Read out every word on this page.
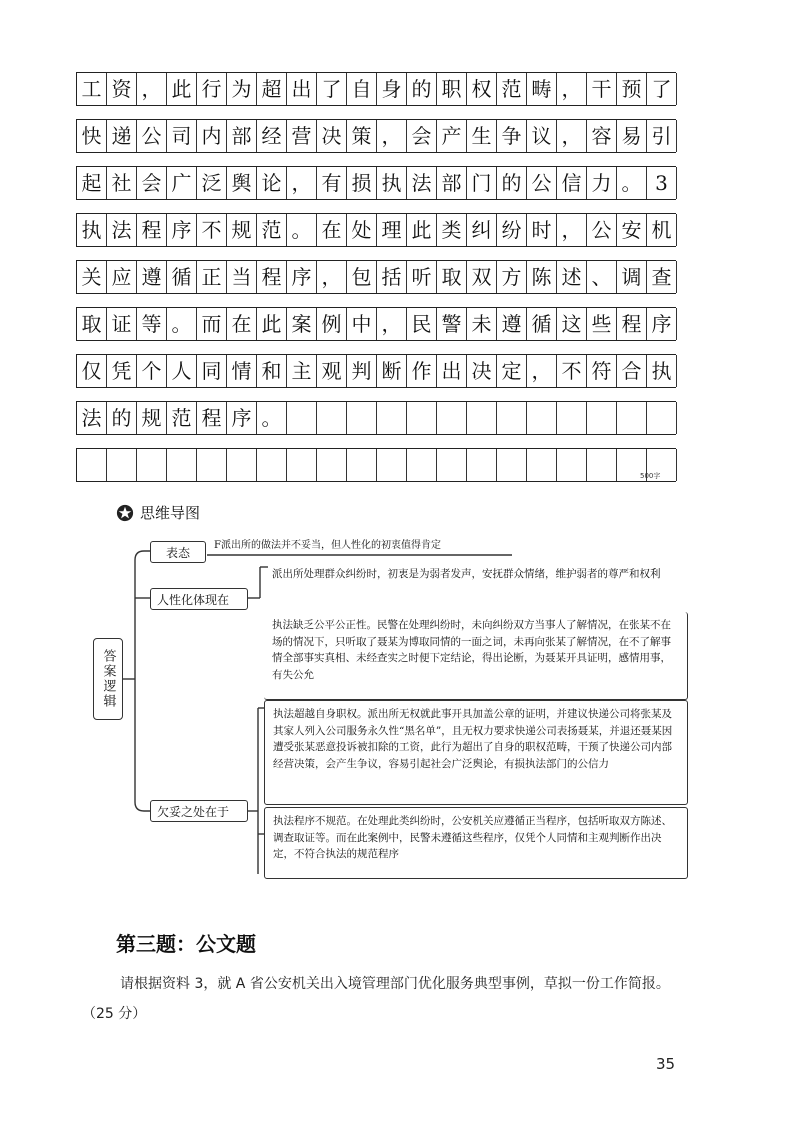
工 资 ， 此 行 为 超 出 了 自 身 的 职 权 范 畴 ， 干 预 了
快 递 公 司 内 部 经 营 决 策 ， 会 产 生 争 议 ， 容 易 引
起 社 会 广 泛 舆 论 ， 有 损 执 法 部 门 的 公 信 力 。 3
执 法 程 序 不 规 范 。 在 处 理 此 类 纠 纷 时 ， 公 安 机
关 应 遵 循 正 当 程 序 ， 包 括 听 取 双 方 陈 述 、 调 查
取 证 等 。 而 在 此 案 例 中 ， 民 警 未 遵 循 这 些 程 序
仅 凭 个 人 同 情 和 主 观 判 断 作 出 决 定 ， 不 符 合 执
法 的 规 范 程 序 。
500字
思维导图
答案逻辑
表态
F派出所的做法并不妥当，但人性化的初衷值得肯定
人性化体现在
派出所处理群众纠纷时，初衷是为弱者发声，安抚群众情绪，维护弱者的尊严和权利
执法缺乏公平公正性。民警在处理纠纷时，未向纠纷双方当事人了解情况，在张某不在场的情况下，只听取了聂某为博取同情的一面之词，未再向张某了解情况，在不了解事情全部事实真相、未经查实之时便下定结论，得出论断，为聂某开具证明，感情用事，有失公允
执法超越自身职权。派出所无权就此事开具加盖公章的证明，并建议快递公司将张某及其家人列入公司服务永久性“黑名单”，且无权力要求快递公司表扬聂某，并退还聂某因遭受张某恶意投诉被扣除的工资，此行为超出了自身的职权范畴，干预了快递公司内部经营决策，会产生争议，容易引起社会广泛舆论，有损执法部门的公信力
欠妥之处在于
执法程序不规范。在处理此类纠纷时，公安机关应遵循正当程序，包括听取双方陈述、调查取证等。而在此案例中，民警未遵循这些程序，仅凭个人同情和主观判断作出决定，不符合执法的规范程序
第三题：公文题
请根据资料 3，就 A 省公安机关出入境管理部门优化服务典型事例，草拟一份工作简报。（25 分）
35
